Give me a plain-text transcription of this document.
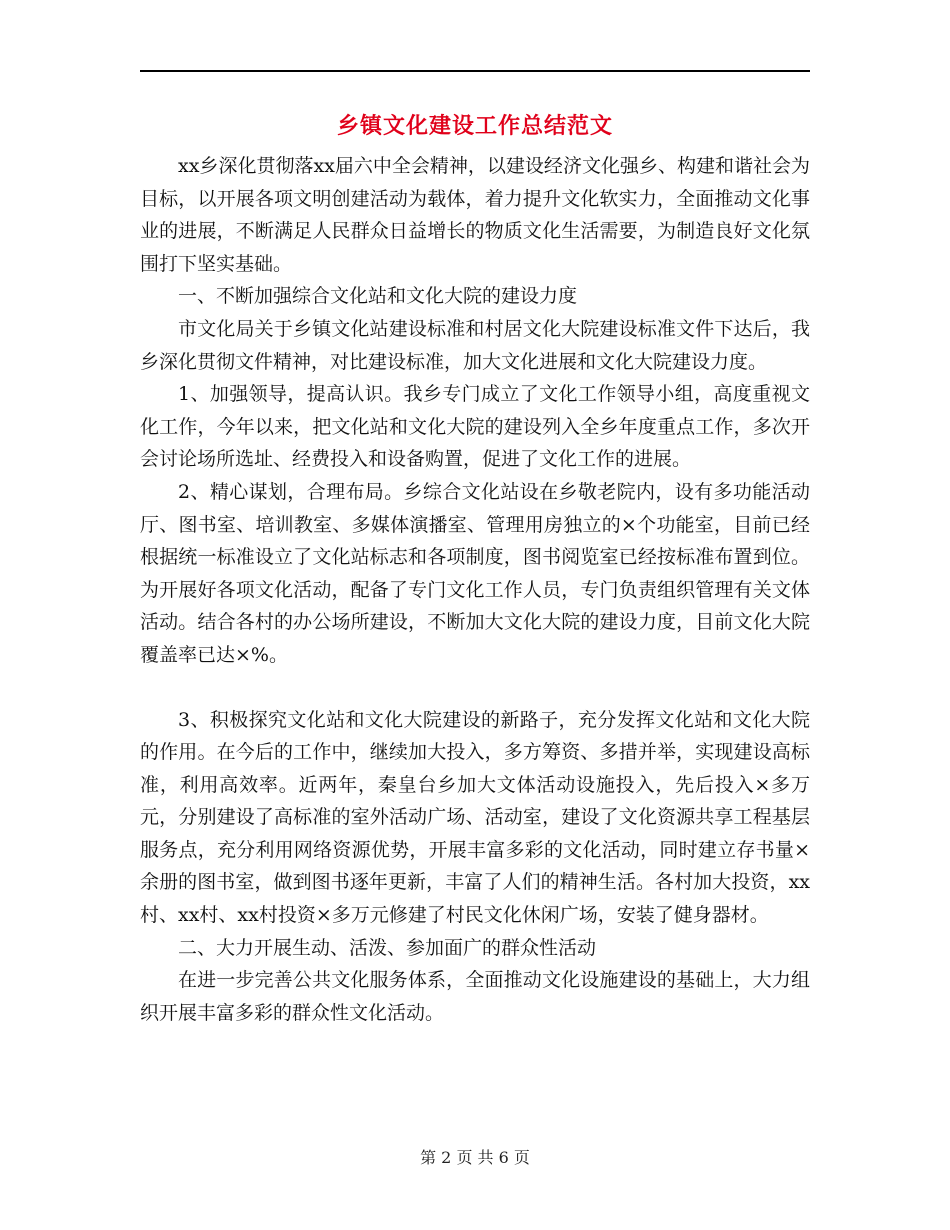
乡镇文化建设工作总结范文

xx乡深化贯彻落xx届六中全会精神，以建设经济文化强乡、构建和谐社会为目标，以开展各项文明创建活动为载体，着力提升文化软实力，全面推动文化事业的进展，不断满足人民群众日益增长的物质文化生活需要，为制造良好文化氛围打下坚实基础。

一、不断加强综合文化站和文化大院的建设力度

市文化局关于乡镇文化站建设标准和村居文化大院建设标准文件下达后，我乡深化贯彻文件精神，对比建设标准，加大文化进展和文化大院建设力度。

1、加强领导，提高认识。我乡专门成立了文化工作领导小组，高度重视文化工作，今年以来，把文化站和文化大院的建设列入全乡年度重点工作，多次开会讨论场所选址、经费投入和设备购置，促进了文化工作的进展。

2、精心谋划，合理布局。乡综合文化站设在乡敬老院内，设有多功能活动厅、图书室、培训教室、多媒体演播室、管理用房独立的×个功能室，目前已经根据统一标准设立了文化站标志和各项制度，图书阅览室已经按标准布置到位。为开展好各项文化活动，配备了专门文化工作人员，专门负责组织管理有关文体活动。结合各村的办公场所建设，不断加大文化大院的建设力度，目前文化大院覆盖率已达×%。

3、积极探究文化站和文化大院建设的新路子，充分发挥文化站和文化大院的作用。在今后的工作中，继续加大投入，多方筹资、多措并举，实现建设高标准，利用高效率。近两年，秦皇台乡加大文体活动设施投入，先后投入×多万元，分别建设了高标准的室外活动广场、活动室，建设了文化资源共享工程基层服务点，充分利用网络资源优势，开展丰富多彩的文化活动，同时建立存书量×余册的图书室，做到图书逐年更新，丰富了人们的精神生活。各村加大投资，xx村、xx村、xx村投资×多万元修建了村民文化休闲广场，安装了健身器材。

二、大力开展生动、活泼、参加面广的群众性活动

在进一步完善公共文化服务体系，全面推动文化设施建设的基础上，大力组织开展丰富多彩的群众性文化活动。

第 2 页 共 6 页
